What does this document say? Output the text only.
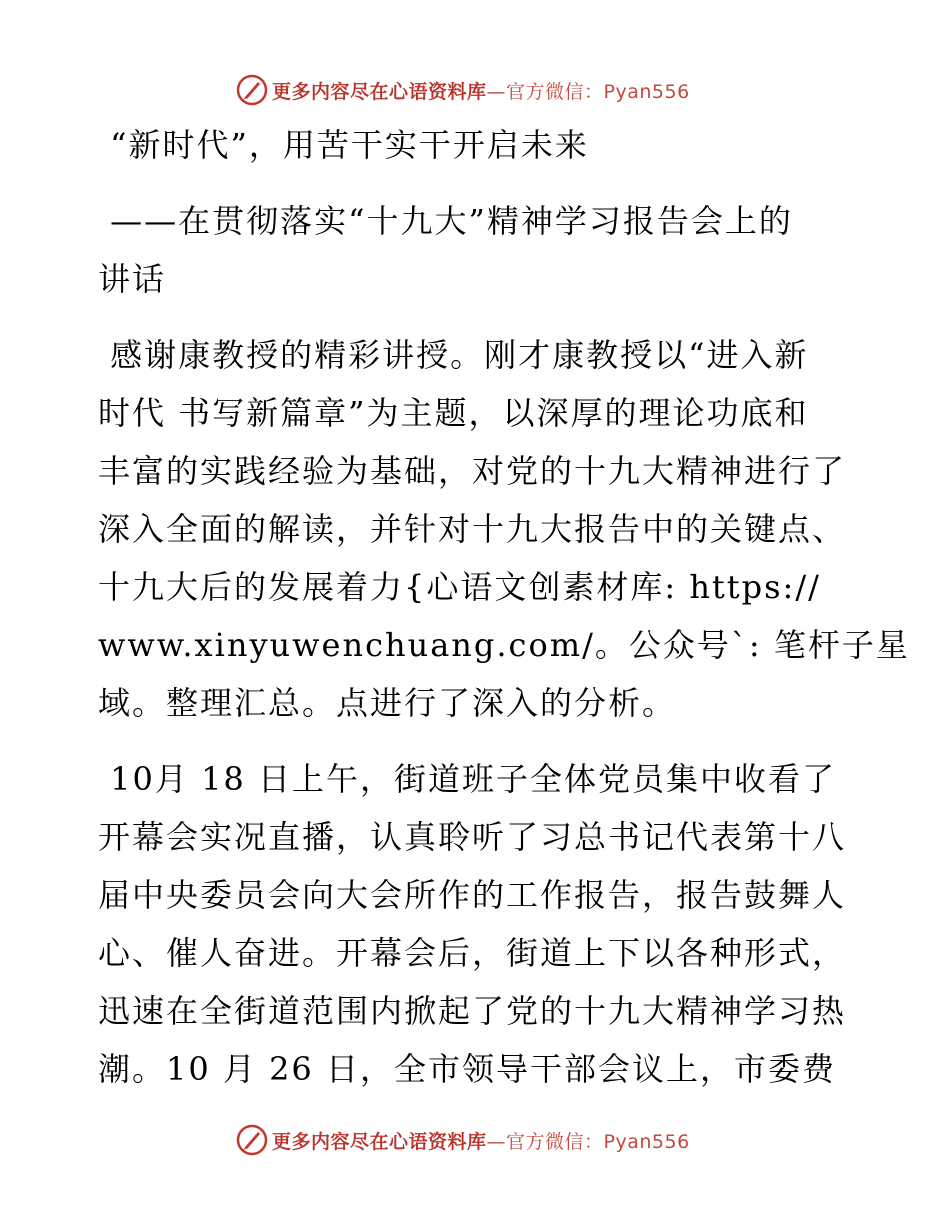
更多内容尽在心语资料库—官方微信：Pyan556
“新时代”，用苦干实干开启未来
——在贯彻落实“十九大”精神学习报告会上的
讲话
感谢康教授的精彩讲授。刚才康教授以“进入新
时代 书写新篇章”为主题，以深厚的理论功底和
丰富的实践经验为基础，对党的十九大精神进行了
深入全面的解读，并针对十九大报告中的关键点、
十九大后的发展着力{心语文创素材库: https://
www.xinyuwenchuang.com/。公众号`: 笔杆子星
域。整理汇总。点进行了深入的分析。
10月 18 日上午，街道班子全体党员集中收看了
开幕会实况直播，认真聆听了习总书记代表第十八
届中央委员会向大会所作的工作报告，报告鼓舞人
心、催人奋进。开幕会后，街道上下以各种形式，
迅速在全街道范围内掀起了党的十九大精神学习热
潮。10 月 26 日，全市领导干部会议上，市委费
更多内容尽在心语资料库—官方微信：Pyan556
